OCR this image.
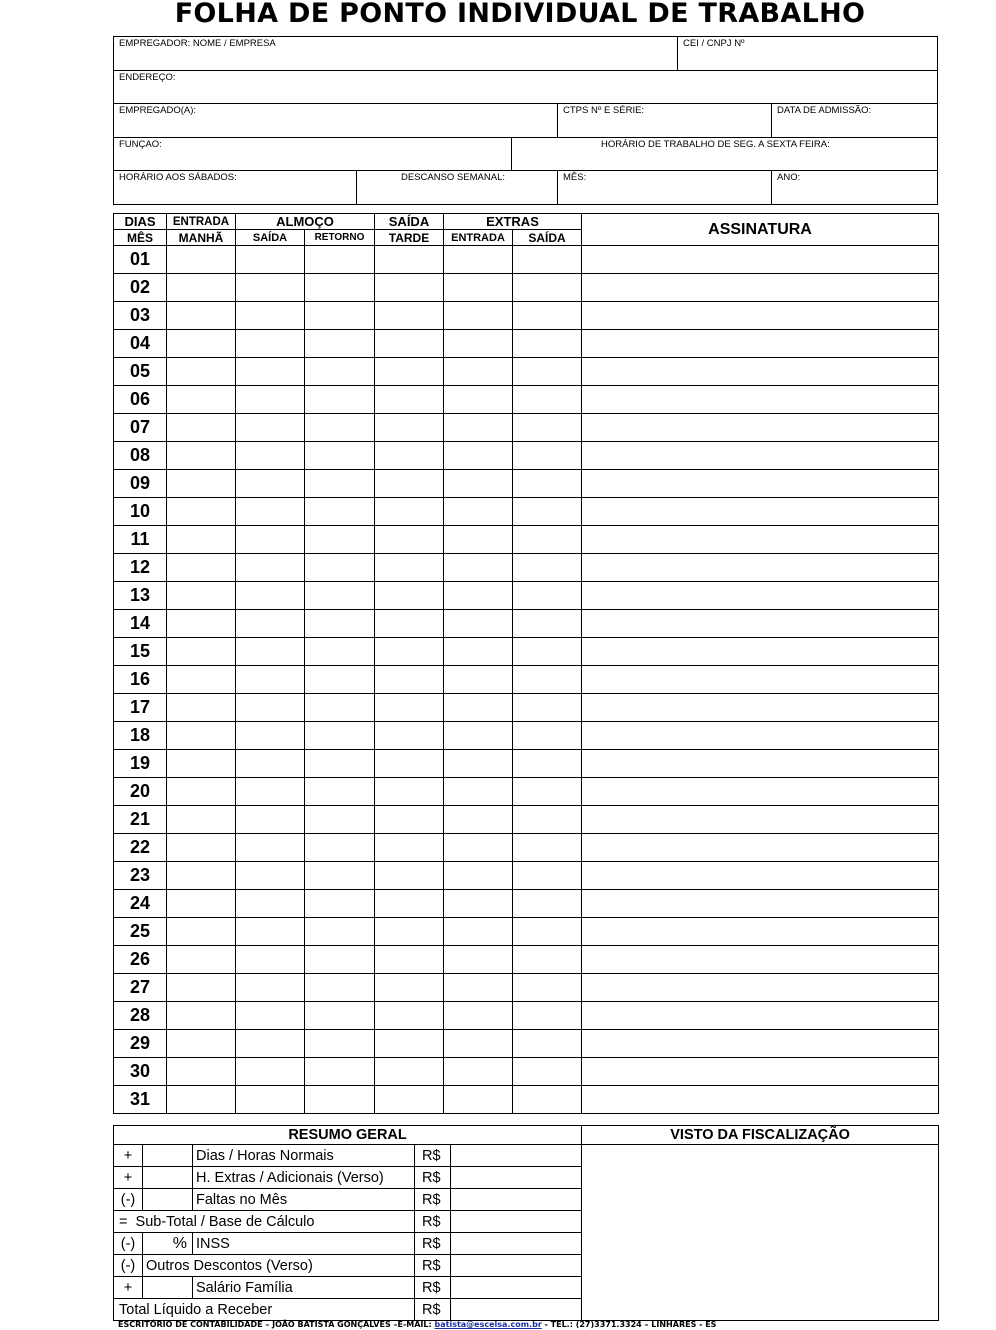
FOLHA DE PONTO INDIVIDUAL DE TRABALHO
EMPREGADOR: NOME / EMPRESA	CEI / CNPJ Nº
ENDEREÇO:
EMPREGADO(A):	CTPS Nº E SÉRIE:	DATA DE ADMISSÃO:
FUNÇAO:	HORÁRIO DE TRABALHO DE SEG. A SEXTA FEIRA:
HORÁRIO AOS SÁBADOS:	DESCANSO SEMANAL:	MÊS:	ANO:
DIAS	ENTRADA	ALMOÇO		SAÍDA	EXTRAS		ASSINATURA
MÊS	MANHÃ	SAÍDA	RETORNO	TARDE	ENTRADA	SAÍDA	
01							
02							
03							
04							
05							
06							
07							
08							
09							
10							
11							
12							
13							
14							
15							
16							
17							
18							
19							
20							
21							
22							
23							
24							
25							
26							
27							
28							
29							
30							
31							
RESUMO GERAL					VISTO DA FISCALIZAÇÃO
+		Dias / Horas Normais	R$		
+		H. Extras / Adicionais (Verso)	R$		
(-)		Faltas no Mês	R$		
= Sub-Total / Base de Cálculo			R$		
(-)	%	INSS	R$		
(-)	Outros Descontos (Verso)		R$		
+		Salário Família	R$		
Total Líquido a Receber			R$		
ESCRITÓRIO DE CONTABILIDADE – JOÃO BATISTA GONÇALVES –E-MAIL: batista@escelsa.com.br - TEL.: (27)3371.3324 – LINHARES - ES
